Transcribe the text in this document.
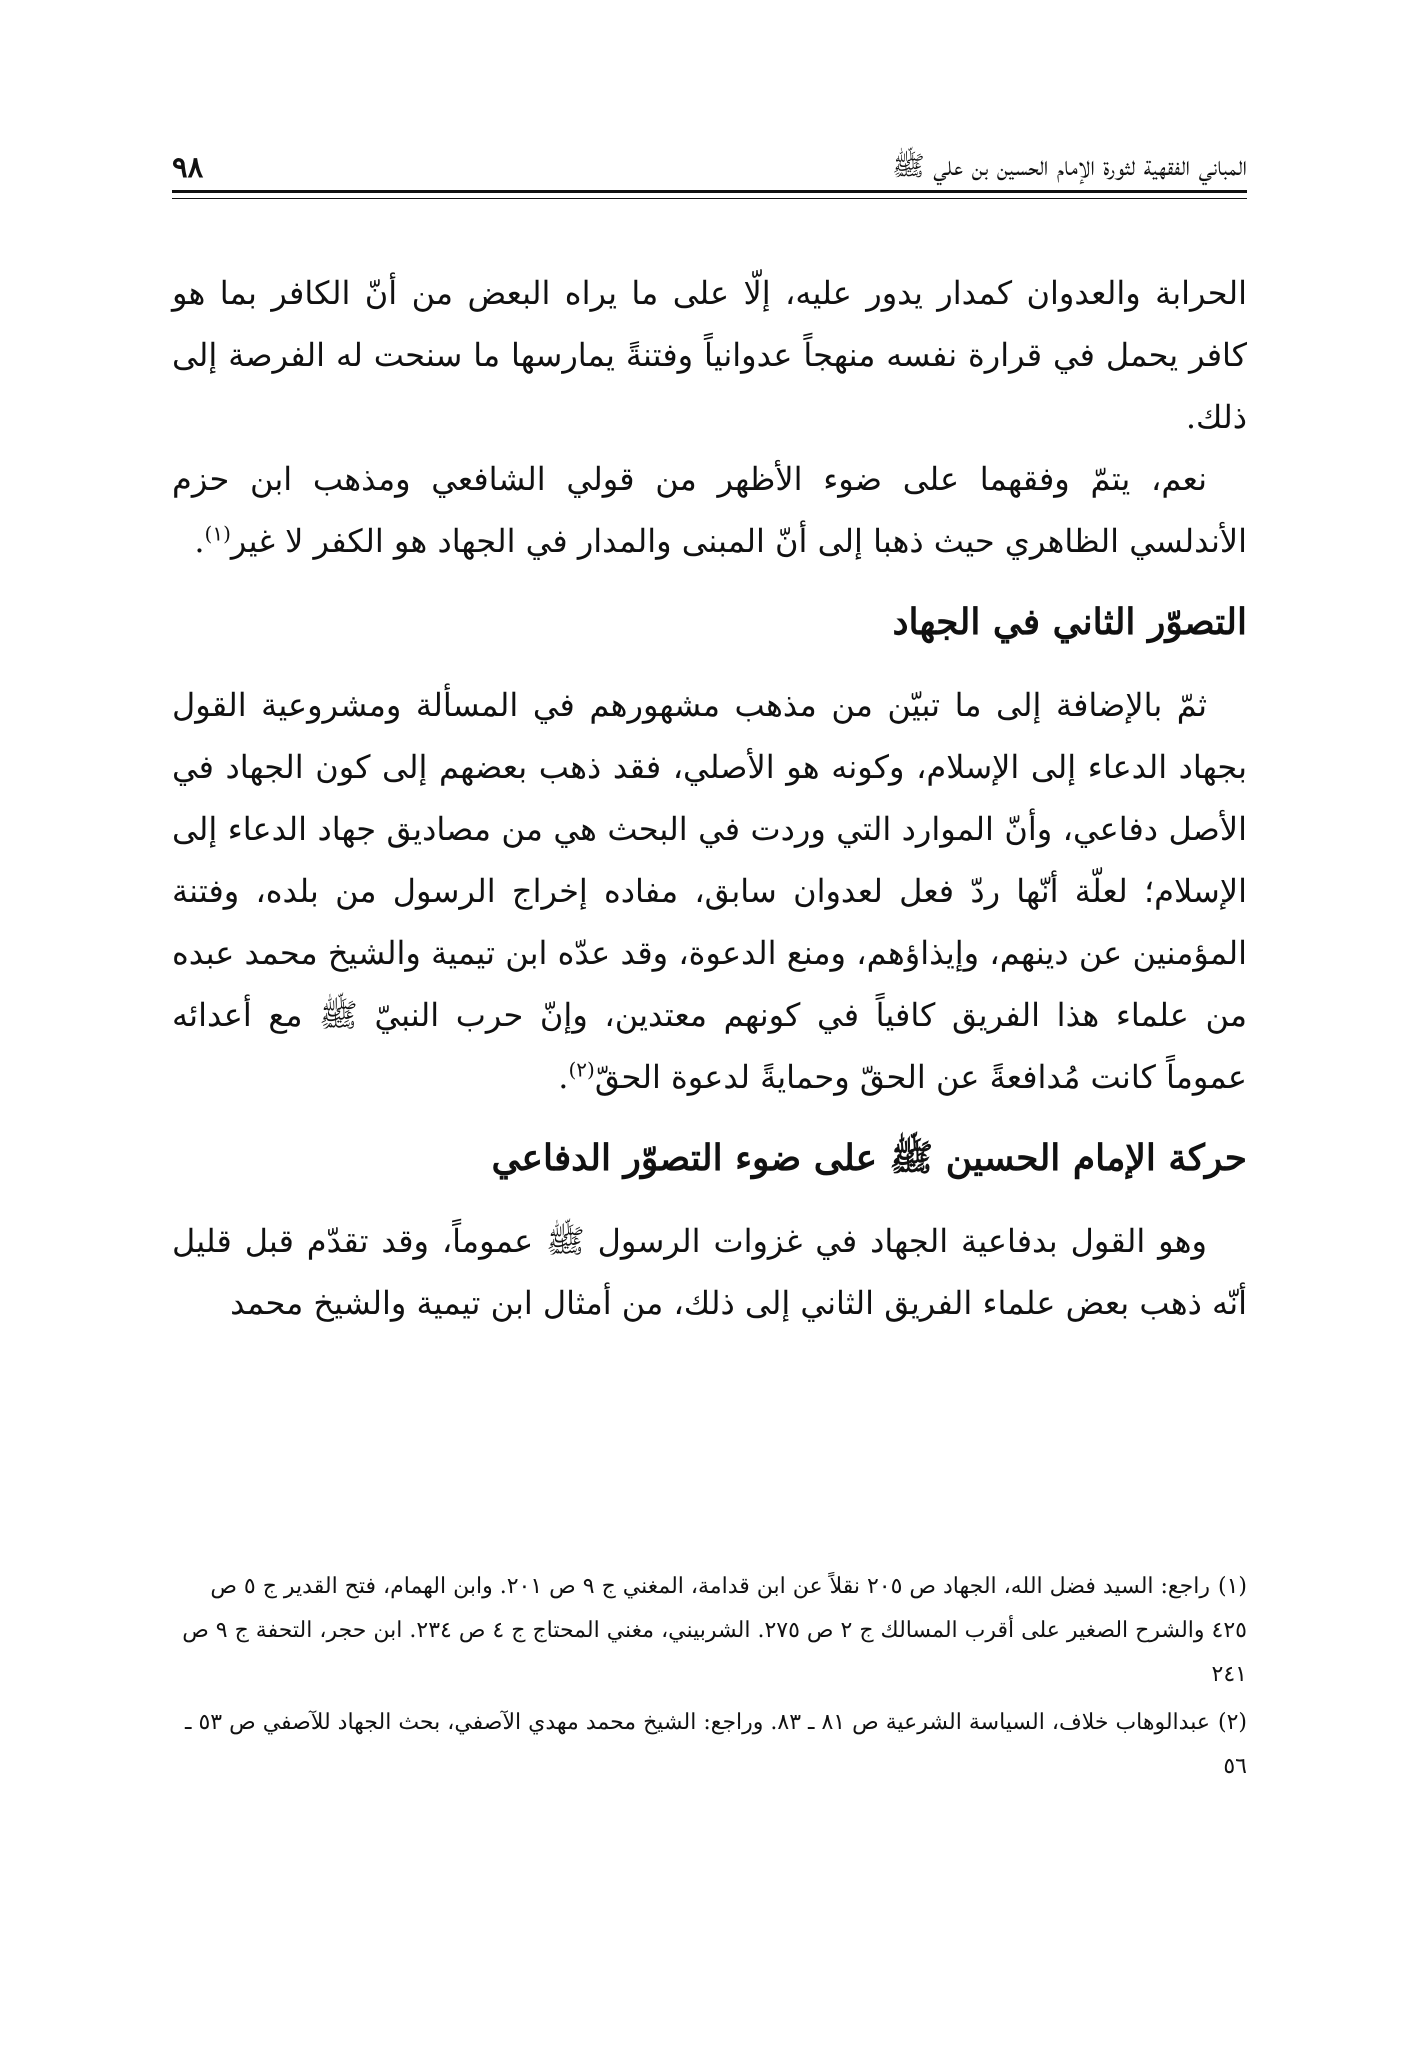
المباني الفقهية لثورة الإمام الحسين بن علي ﷺ
٩٨

الحرابة والعدوان كمدار يدور عليه، إلّا على ما يراه البعض من أنّ الكافر بما هو كافر يحمل في قرارة نفسه منهجاً عدوانياً وفتنةً يمارسها ما سنحت له الفرصة إلى ذلك.

نعم، يتمّ وفقهما على ضوء الأظهر من قولي الشافعي ومذهب ابن حزم الأندلسي الظاهري حيث ذهبا إلى أنّ المبنى والمدار في الجهاد هو الكفر لا غير$^{(١)}$.

التصوّر الثاني في الجهاد

ثمّ بالإضافة إلى ما تبيّن من مذهب مشهورهم في المسألة ومشروعية القول بجهاد الدعاء إلى الإسلام، وكونه هو الأصلي، فقد ذهب بعضهم إلى كون الجهاد في الأصل دفاعي، وأنّ الموارد التي وردت في البحث هي من مصاديق جهاد الدعاء إلى الإسلام؛ لعلّة أنّها ردّ فعل لعدوان سابق، مفاده إخراج الرسول من بلده، وفتنة المؤمنين عن دينهم، وإيذاؤهم، ومنع الدعوة، وقد عدّه ابن تيمية والشيخ محمد عبده من علماء هذا الفريق كافياً في كونهم معتدين، وإنّ حرب النبيّ ﷺ مع أعدائه عموماً كانت مُدافعةً عن الحقّ وحمايةً لدعوة الحقّ$^{(٢)}$.

حركة الإمام الحسين ﷺ على ضوء التصوّر الدفاعي

وهو القول بدفاعية الجهاد في غزوات الرسول ﷺ عموماً، وقد تقدّم قبل قليل أنّه ذهب بعض علماء الفريق الثاني إلى ذلك، من أمثال ابن تيمية والشيخ محمد

(١)راجع: السيد فضل الله، الجهاد ص ٢٠٥ نقلاً عن ابن قدامة، المغني ج ٩ ص ٢٠١. وابن الهمام، فتح القدير ج ٥ ص ٤٢٥ والشرح الصغير على أقرب المسالك ج ٢ ص ٢٧٥. الشربيني، مغني المحتاج ج ٤ ص ٢٣٤. ابن حجر، التحفة ج ٩ ص ٢٤١

(٢)عبدالوهاب خلاف، السياسة الشرعية ص ٨١ ـ ٨٣. وراجع: الشيخ محمد مهدي الآصفي، بحث الجهاد للآصفي ص ٥٣ ـ ٥٦
